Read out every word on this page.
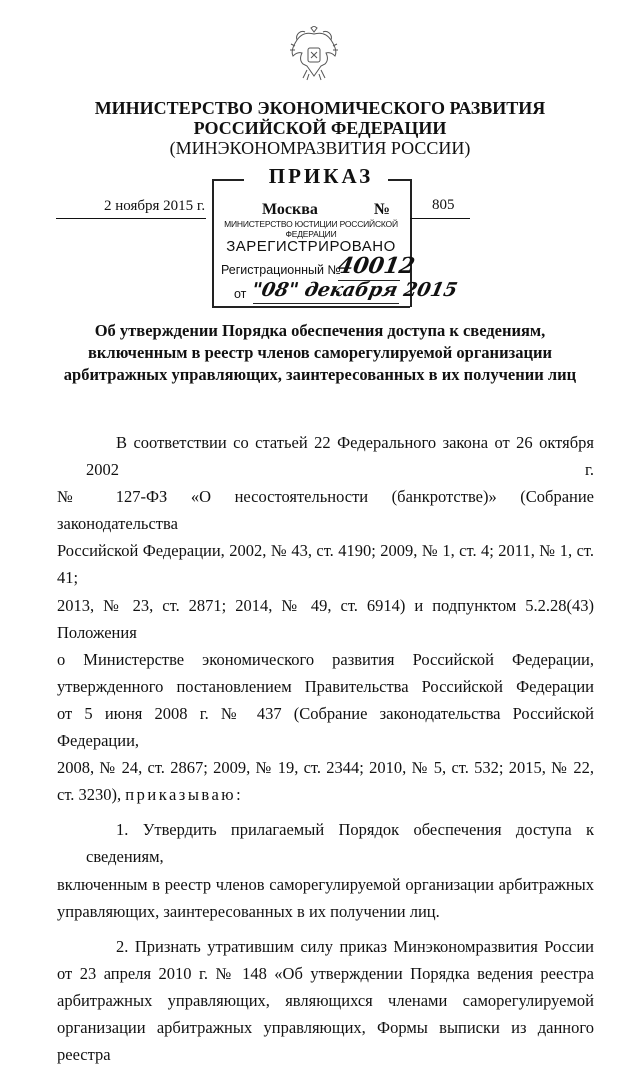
МИНИСТЕРСТВО ЭКОНОМИЧЕСКОГО РАЗВИТИЯ
РОССИЙСКОЙ ФЕДЕРАЦИИ
(МИНЭКОНОМРАЗВИТИЯ РОССИИ)
ПРИКАЗ
2 ноября 2015 г.	Москва	№	805
МИНИСТЕРСТВО ЮСТИЦИИ РОССИЙСКОЙ ФЕДЕРАЦИИ
ЗАРЕГИСТРИРОВАНО
Регистрационный №
40012
от "08" декабря 2015
Об утверждении Порядка обеспечения доступа к сведениям,
включенным в реестр членов саморегулируемой организации
арбитражных управляющих, заинтересованных в их получении лиц

В соответствии со статьей 22 Федерального закона от 26 октября 2002 г.

№ 127-ФЗ «О несостоятельности (банкротстве)» (Собрание законодательства

Российской Федерации, 2002, № 43, ст. 4190; 2009, № 1, ст. 4; 2011, № 1, ст. 41;

2013, № 23, ст. 2871; 2014, № 49, ст. 6914) и подпунктом 5.2.28(43) Положения

о Министерстве экономического развития Российской Федерации,

утвержденного постановлением Правительства Российской Федерации

от 5 июня 2008 г. № 437 (Собрание законодательства Российской Федерации,

2008, № 24, ст. 2867; 2009, № 19, ст. 2344; 2010, № 5, ст. 532; 2015, № 22,

ст. 3230), приказываю:

1. Утвердить прилагаемый Порядок обеспечения доступа к сведениям,

включенным в реестр членов саморегулируемой организации арбитражных

управляющих, заинтересованных в их получении лиц.

2. Признать утратившим силу приказ Минэкономразвития России

от 23 апреля 2010 г. № 148 «Об утверждении Порядка ведения реестра

арбитражных управляющих, являющихся членами саморегулируемой

организации арбитражных управляющих, Формы выписки из данного реестра
